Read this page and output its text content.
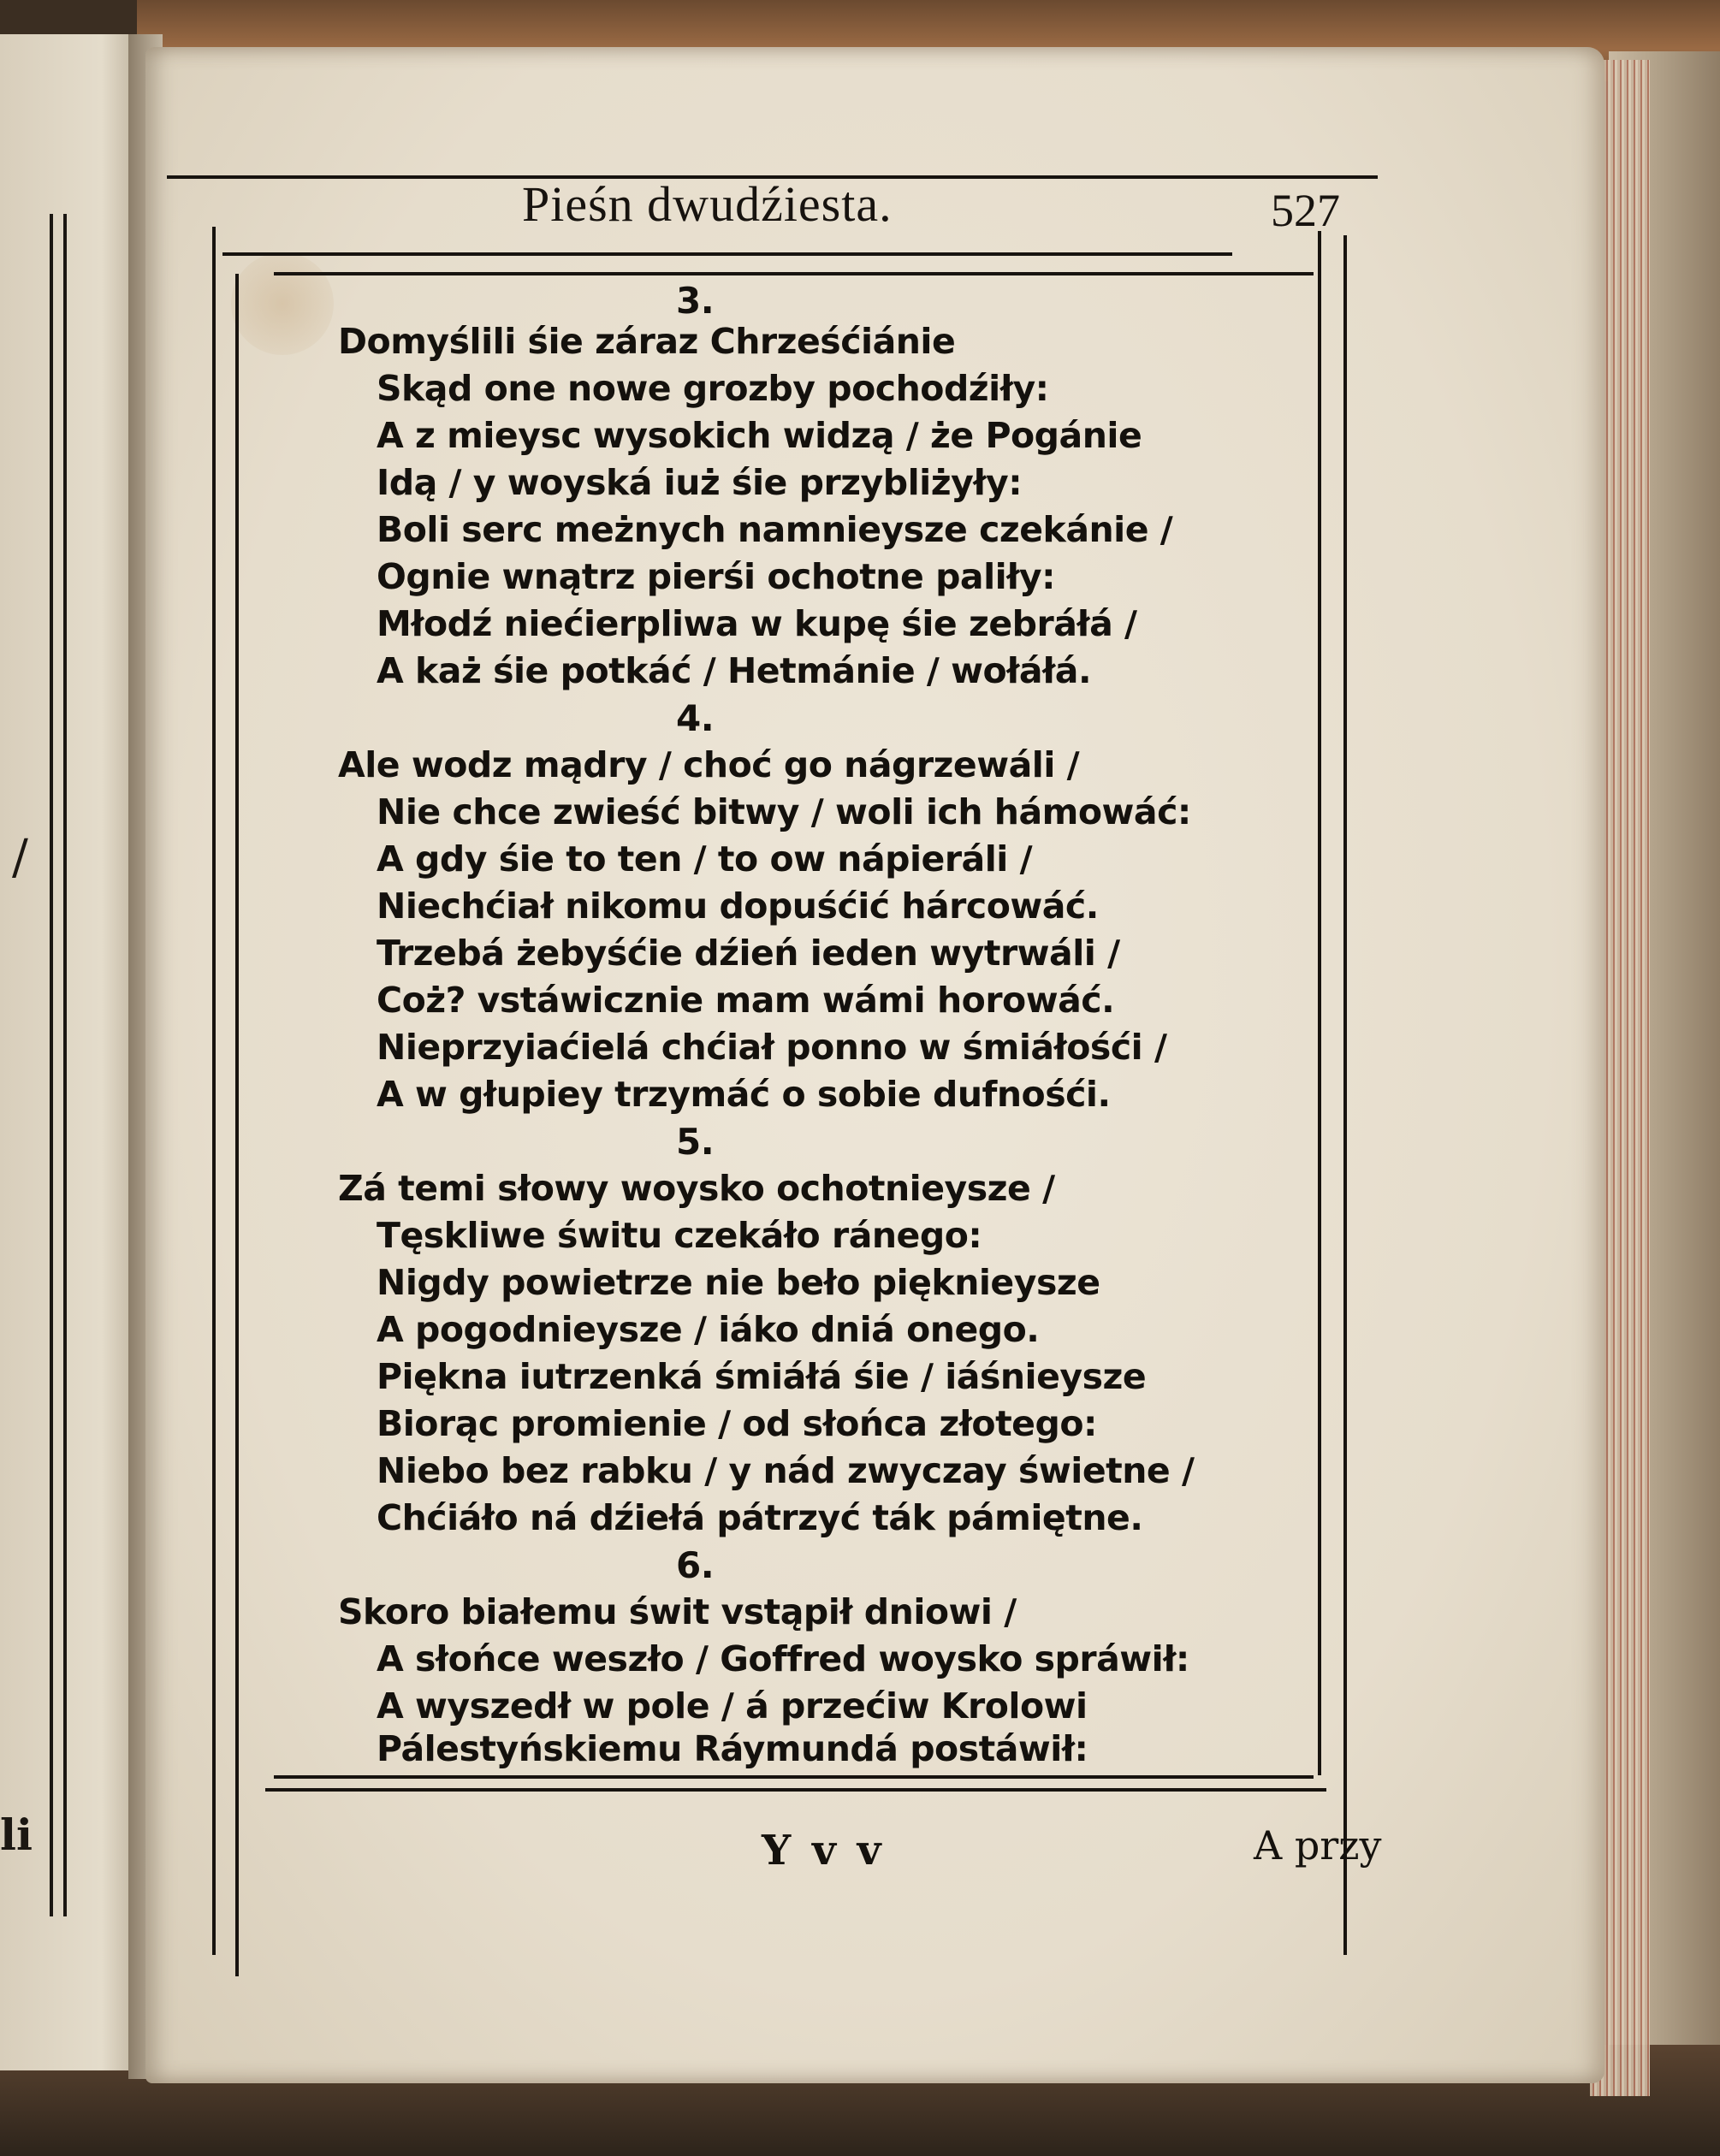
/
li
Pieśn dwudźiesta.	527
3.
Domyślili śie záraz Chrześćiánie
Skąd one nowe grozby pochodźiły:
A z mieysc wysokich widzą / że Pogánie
Idą / y woyská iuż śie przybliżyły:
Boli serc meżnych namnieysze czekánie /
Ognie wnątrz pierśi ochotne paliły:
Młodź niećierpliwa w kupę śie zebráłá /
A każ śie potkáć / Hetmánie / wołáłá.
4.
Ale wodz mądry / choć go nágrzewáli /
Nie chce zwieść bitwy / woli ich hámowáć:
A gdy śie to ten / to ow nápieráli /
Niechćiał nikomu dopuśćić hárcowáć.
Trzebá żebyśćie dźień ieden wytrwáli /
Coż? vstáwicznie mam wámi horowáć.
Nieprzyiaćielá chćiał ponno w śmiáłośći /
A w głupiey trzymáć o sobie dufnośći.
5.
Zá temi słowy woysko ochotnieysze /
Tęskliwe świtu czekáło ránego:
Nigdy powietrze nie beło pięknieysze
A pogodnieysze / iáko dniá onego.
Piękna iutrzenká śmiáłá śie / iáśnieysze
Biorąc promienie / od słońca złotego:
Niebo bez rabku / y nád zwyczay świetne /
Chćiáło ná dźiełá pátrzyć ták pámiętne.
6.
Skoro białemu świt vstąpił dniowi /
A słońce weszło / Goffred woysko spráwił:
A wyszedł w pole / á przećiw Krolowi
Pálestyńskiemu Ráymundá postáwił:
Y v v	A przy
